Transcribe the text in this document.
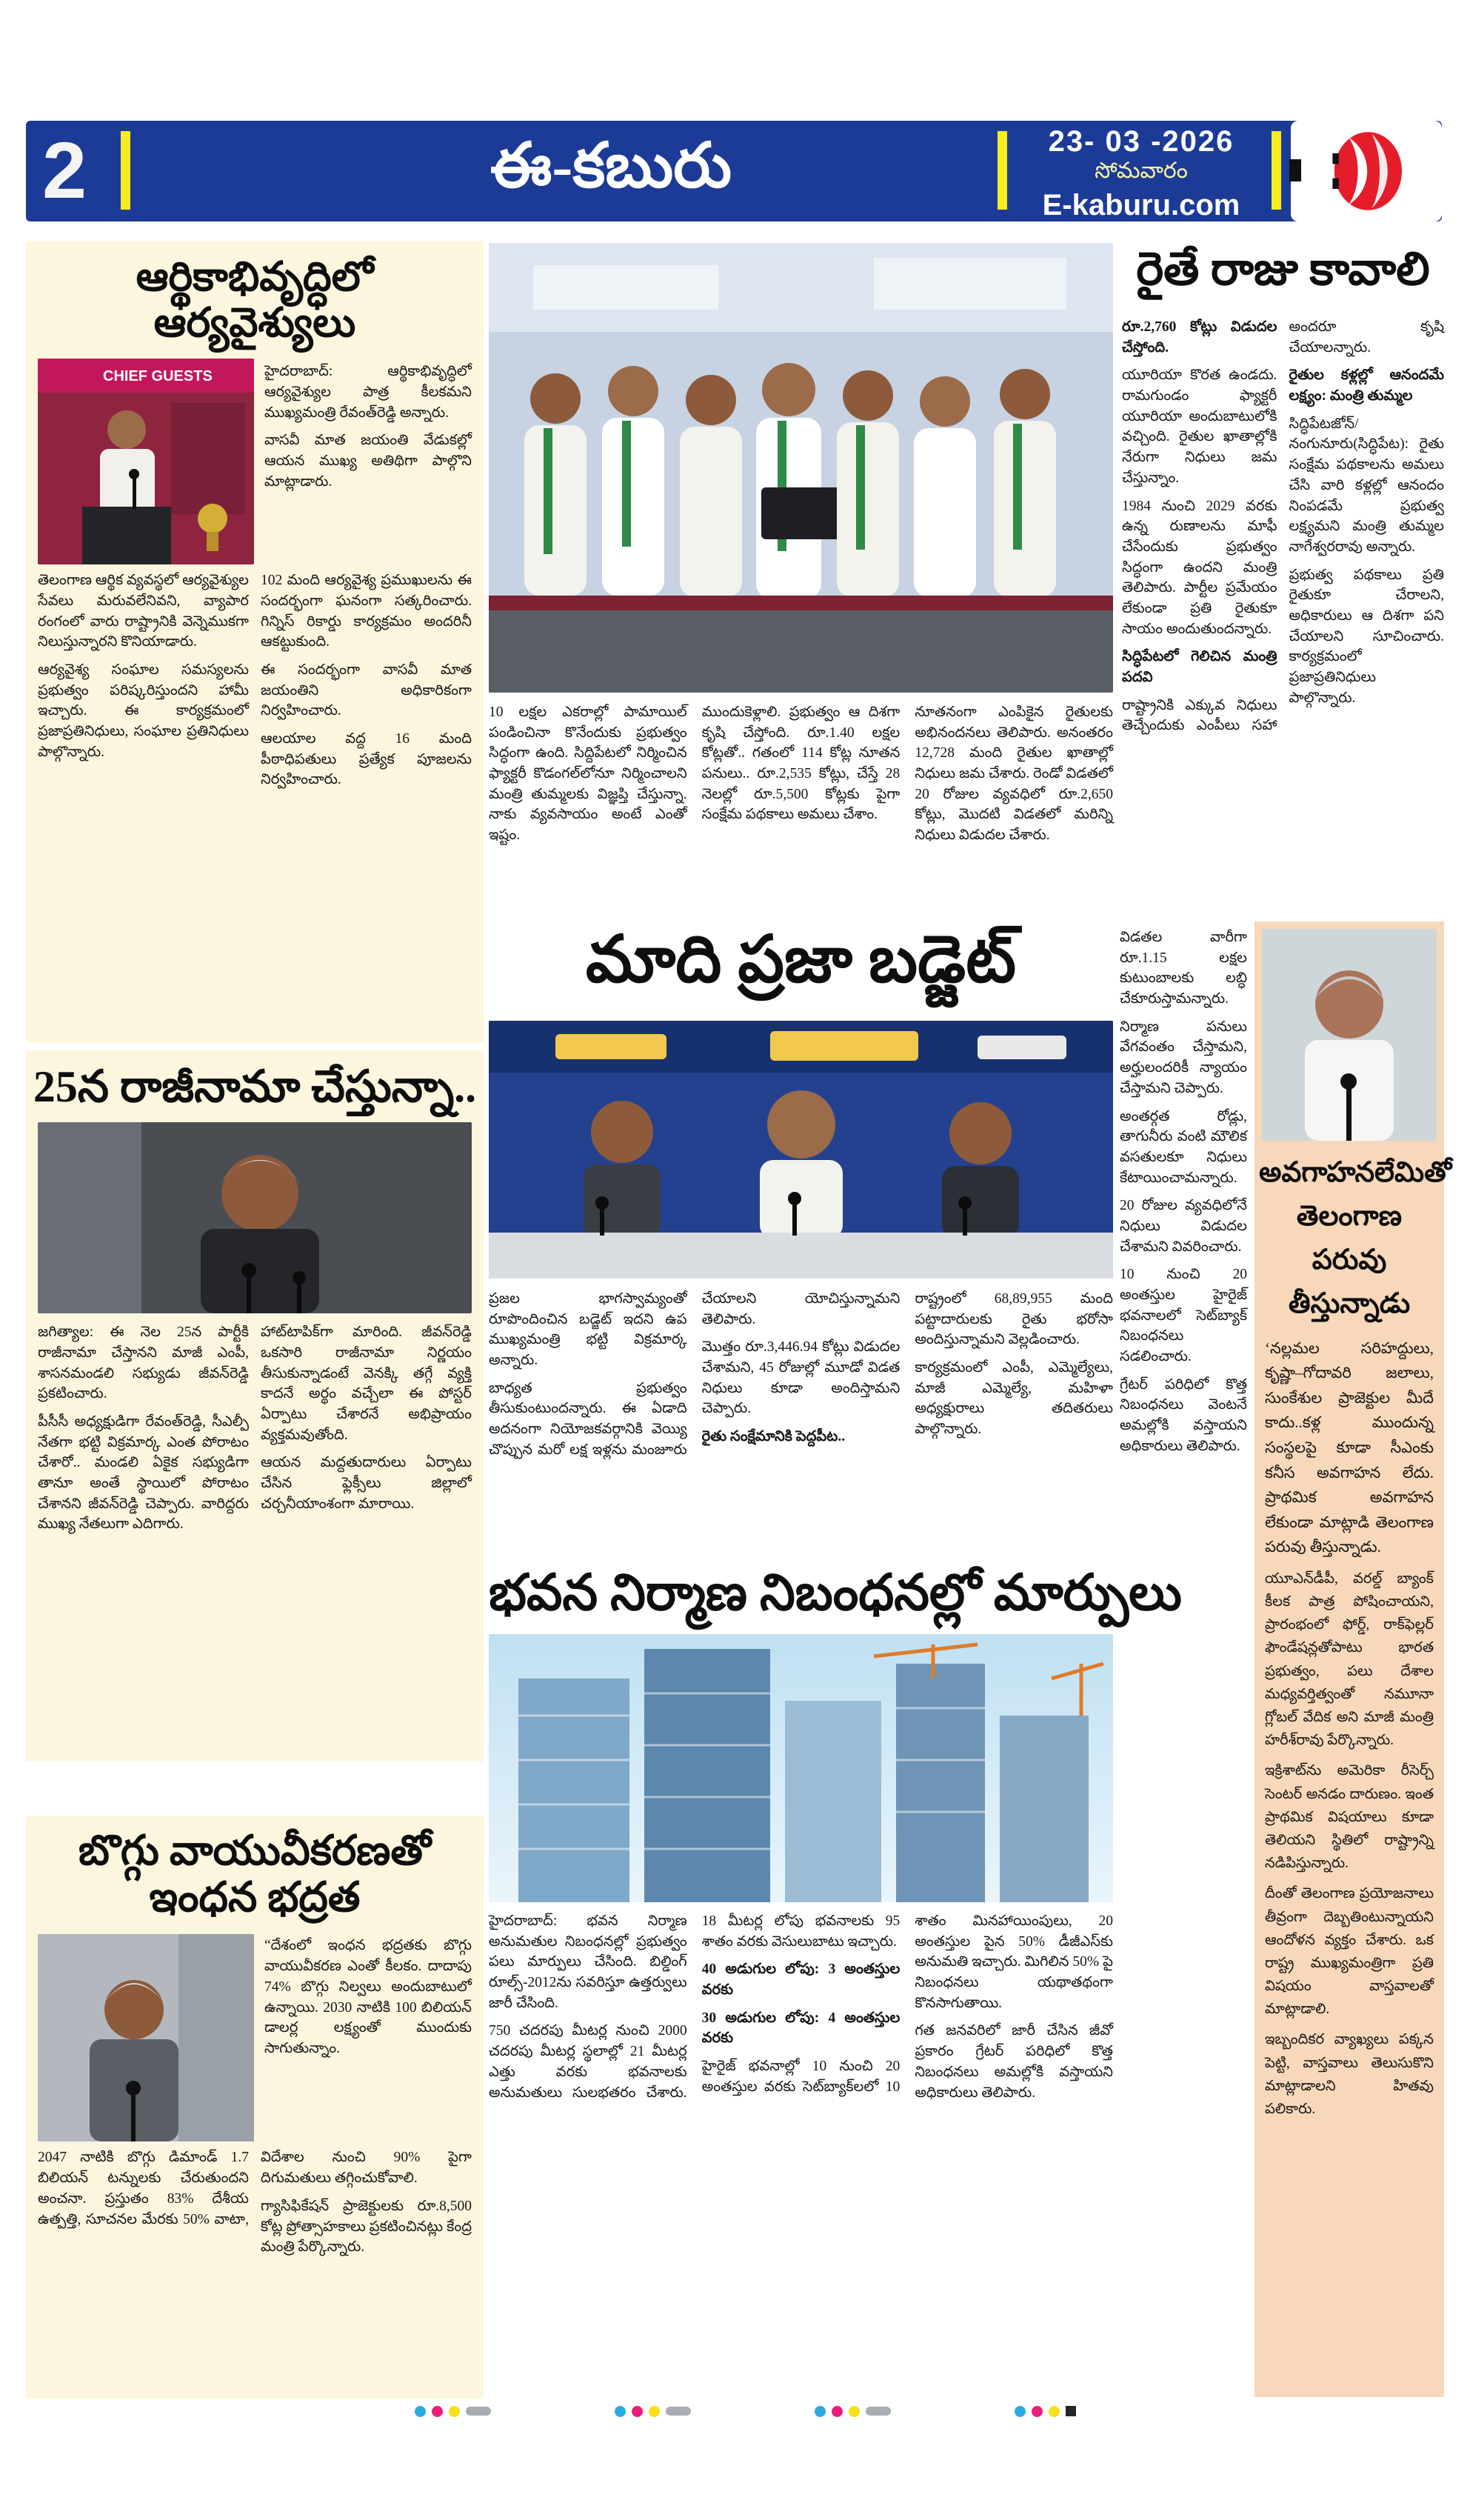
2	ఈ-కబురు	23- 03 -2026
సోమవారం
E-kaburu.com
ఆర్థికాభివృద్ధిలో ఆర్యవైశ్యులు
CHIEF GUESTS	హైదరాబాద్: ఆర్థికాభివృద్ధిలో ఆర్యవైశ్యుల పాత్ర కీలకమని ముఖ్యమంత్రి రేవంత్‌రెడ్డి అన్నారు.

వాసవీ మాత జయంతి వేడుకల్లో ఆయన ముఖ్య అతిథిగా పాల్గొని మాట్లాడారు.

తెలంగాణ ఆర్థిక వ్యవస్థలో ఆర్యవైశ్యుల సేవలు మరువలేనివని, వ్యాపార రంగంలో వారు రాష్ట్రానికి వెన్నెముకగా నిలుస్తున్నారని కొనియాడారు.

ఆర్యవైశ్య సంఘాల సమస్యలను ప్రభుత్వం పరిష్కరిస్తుందని హామీ ఇచ్చారు. ఈ కార్యక్రమంలో ప్రజాప్రతినిధులు, సంఘాల ప్రతినిధులు పాల్గొన్నారు.

102 మంది ఆర్యవైశ్య ప్రముఖులను ఈ సందర్భంగా ఘనంగా సత్కరించారు. గిన్నిస్ రికార్డు కార్యక్రమం అందరినీ ఆకట్టుకుంది.

ఈ సందర్భంగా వాసవీ మాత జయంతిని అధికారికంగా నిర్వహించారు.

ఆలయాల వద్ద 16 మంది పీఠాధిపతులు ప్రత్యేక పూజలను నిర్వహించారు.

25న రాజీనామా చేస్తున్నా..

జగిత్యాల: ఈ నెల 25న పార్టీకి రాజీనామా చేస్తానని మాజీ ఎంపీ, శాసనమండలి సభ్యుడు జీవన్‌రెడ్డి ప్రకటించారు.

పీసీసీ అధ్యక్షుడిగా రేవంత్‌రెడ్డి, సీఎల్పీ నేతగా భట్టి విక్రమార్క ఎంత పోరాటం చేశారో.. మండలి ఏకైక సభ్యుడిగా తానూ అంతే స్థాయిలో పోరాటం చేశానని జీవన్‌రెడ్డి చెప్పారు. వారిద్దరు ముఖ్య నేతలుగా ఎదిగారు.

హాట్‌టాపిక్‌గా మారింది. జీవన్‌రెడ్డి ఒకసారి రాజీనామా నిర్ణయం తీసుకున్నాడంటే వెనక్కి తగ్గే వ్యక్తి కాదనే అర్థం వచ్చేలా ఈ పోస్టర్ ఏర్పాటు చేశారనే అభిప్రాయం వ్యక్తమవుతోంది.

ఆయన మద్దతుదారులు ఏర్పాటు చేసిన ఫ్లెక్సీలు జిల్లాలో చర్చనీయాంశంగా మారాయి.

బొగ్గు వాయువీకరణతో ఇంధన భద్రత

“దేశంలో ఇంధన భద్రతకు బొగ్గు వాయువీకరణ ఎంతో కీలకం. దాదాపు 74% బొగ్గు నిల్వలు అందుబాటులో ఉన్నాయి. 2030 నాటికి 100 బిలియన్ డాలర్ల లక్ష్యంతో ముందుకు సాగుతున్నాం.

2047 నాటికి బొగ్గు డిమాండ్ 1.7 బిలియన్ టన్నులకు చేరుతుందని అంచనా. ప్రస్తుతం 83% దేశీయ ఉత్పత్తి, సూచనల మేరకు 50% వాటా, విదేశాల నుంచి 90% పైగా దిగుమతులు తగ్గించుకోవాలి.

గ్యాసిఫికేషన్ ప్రాజెక్టులకు రూ.8,500 కోట్ల ప్రోత్సాహకాలు ప్రకటించినట్లు కేంద్ర మంత్రి పేర్కొన్నారు.

10 లక్షల ఎకరాల్లో పామాయిల్ పండించినా కొనేందుకు ప్రభుత్వం సిద్ధంగా ఉంది. సిద్దిపేటలో నిర్మించిన ఫ్యాక్టరీ కొడంగల్‌లోనూ నిర్మించాలని మంత్రి తుమ్మలకు విజ్ఞప్తి చేస్తున్నా. నాకు వ్యవసాయం అంటే ఎంతో ఇష్టం.

ముందుకెళ్లాలి. ప్రభుత్వం ఆ దిశగా కృషి చేస్తోంది. రూ.1.40 లక్షల కోట్లతో.. గతంలో 114 కోట్ల నూతన పనులు.. రూ.2,535 కోట్లు, చేస్తే 28 నెలల్లో రూ.5,500 కోట్లకు పైగా సంక్షేమ పథకాలు అమలు చేశాం.

నూతనంగా ఎంపికైన రైతులకు అభినందనలు తెలిపారు. అనంతరం 12,728 మంది రైతుల ఖాతాల్లో నిధులు జమ చేశారు. రెండో విడతలో 20 రోజుల వ్యవధిలో రూ.2,650 కోట్లు, మొదటి విడతలో మరిన్ని నిధులు విడుదల చేశారు.

మాది ప్రజా బడ్జెట్

ప్రజల భాగస్వామ్యంతో రూపొందించిన బడ్జెట్ ఇదని ఉప ముఖ్యమంత్రి భట్టి విక్రమార్క అన్నారు.

బాధ్యత ప్రభుత్వం తీసుకుంటుందన్నారు. ఈ ఏడాది అదనంగా నియోజకవర్గానికి వెయ్యి చొప్పున మరో లక్ష ఇళ్లను మంజూరు చేయాలని యోచిస్తున్నామని తెలిపారు.

మొత్తం రూ.3,446.94 కోట్లు విడుదల చేశామని, 45 రోజుల్లో మూడో విడత నిధులు కూడా అందిస్తామని చెప్పారు.

రైతు సంక్షేమానికి పెద్దపీట..

రాష్ట్రంలో 68,89,955 మంది పట్టాదారులకు రైతు భరోసా అందిస్తున్నామని వెల్లడించారు.

కార్యక్రమంలో ఎంపీ, ఎమ్మెల్యేలు, మాజీ ఎమ్మెల్యే, మహిళా అధ్యక్షురాలు తదితరులు పాల్గొన్నారు.

భవన నిర్మాణ నిబంధనల్లో మార్పులు

హైదరాబాద్: భవన నిర్మాణ అనుమతుల నిబంధనల్లో ప్రభుత్వం పలు మార్పులు చేసింది. బిల్డింగ్ రూల్స్-2012ను సవరిస్తూ ఉత్తర్వులు జారీ చేసింది.

750 చదరపు మీటర్ల నుంచి 2000 చదరపు మీటర్ల స్థలాల్లో 21 మీటర్ల ఎత్తు వరకు భవనాలకు అనుమతులు సులభతరం చేశారు. 18 మీటర్ల లోపు భవనాలకు 95 శాతం వరకు వెసులుబాటు ఇచ్చారు.

40 అడుగుల లోపు: 3 అంతస్తుల వరకు

30 అడుగుల లోపు: 4 అంతస్తుల వరకు

హైరైజ్ భవనాల్లో 10 నుంచి 20 అంతస్తుల వరకు సెట్‌బ్యాక్‌లలో 10 శాతం మినహాయింపులు, 20 అంతస్తుల పైన 50% డీజీఎస్‌కు అనుమతి ఇచ్చారు. మిగిలిన 50% పై నిబంధనలు యథాతథంగా కొనసాగుతాయి.

గత జనవరిలో జారీ చేసిన జీవో ప్రకారం గ్రేటర్ పరిధిలో కొత్త నిబంధనలు అమల్లోకి వస్తాయని అధికారులు తెలిపారు.

రైతే రాజు కావాలి

రూ.2,760 కోట్లు విడుదల చేస్తోంది.

యూరియా కొరత ఉండదు. రామగుండం ఫ్యాక్టరీ యూరియా అందుబాటులోకి వచ్చింది. రైతుల ఖాతాల్లోకి నేరుగా నిధులు జమ చేస్తున్నాం.

1984 నుంచి 2029 వరకు ఉన్న రుణాలను మాఫీ చేసేందుకు ప్రభుత్వం సిద్ధంగా ఉందని మంత్రి తెలిపారు. పార్టీల ప్రమేయం లేకుండా ప్రతి రైతుకూ సాయం అందుతుందన్నారు.

సిద్ధిపేటలో గెలిచిన మంత్రి పదవి

రాష్ట్రానికి ఎక్కువ నిధులు తెచ్చేందుకు ఎంపీలు సహా అందరూ కృషి చేయాలన్నారు.

రైతుల కళ్లల్లో ఆనందమే లక్ష్యం: మంత్రి తుమ్మల

సిద్ధిపేటజోన్/నంగునూరు(సిద్ధిపేట): రైతు సంక్షేమ పథకాలను అమలు చేసి వారి కళ్లల్లో ఆనందం నింపడమే ప్రభుత్వ లక్ష్యమని మంత్రి తుమ్మల నాగేశ్వరరావు అన్నారు.

ప్రభుత్వ పథకాలు ప్రతి రైతుకూ చేరాలని, అధికారులు ఆ దిశగా పని చేయాలని సూచించారు. కార్యక్రమంలో ప్రజాప్రతినిధులు పాల్గొన్నారు.

విడతల వారీగా రూ.1.15 లక్షల కుటుంబాలకు లబ్ధి చేకూరుస్తామన్నారు.

నిర్మాణ పనులు వేగవంతం చేస్తామని, అర్హులందరికీ న్యాయం చేస్తామని చెప్పారు.

అంతర్గత రోడ్లు, తాగునీరు వంటి మౌలిక వసతులకూ నిధులు కేటాయించామన్నారు.

20 రోజుల వ్యవధిలోనే నిధులు విడుదల చేశామని వివరించారు.

10 నుంచి 20 అంతస్తుల హైరైజ్ భవనాలలో సెట్‌బ్యాక్ నిబంధనలు సడలించారు.

గ్రేటర్ పరిధిలో కొత్త నిబంధనలు వెంటనే అమల్లోకి వస్తాయని అధికారులు తెలిపారు.

అవగాహనలేమితో
తెలంగాణ
పరువు తీస్తున్నాడు

‘నల్లమల సరిహద్దులు, కృష్ణా–గోదావరి జలాలు, సుంకేశుల ప్రాజెక్టుల మీదే కాదు..కళ్ల ముందున్న సంస్థలపై కూడా సీఎంకు కనీస అవగాహన లేదు. ప్రాథమిక అవగాహన లేకుండా మాట్లాడి తెలంగాణ పరువు తీస్తున్నాడు.

యూఎన్‌డీపీ, వరల్డ్ బ్యాంక్ కీలక పాత్ర పోషించాయని, ప్రారంభంలో ఫోర్డ్, రాక్‌ఫెల్లర్ ఫౌండేషన్లతోపాటు భారత ప్రభుత్వం, పలు దేశాల మధ్యవర్తిత్వంతో నమూనా గ్లోబల్ వేదిక అని మాజీ మంత్రి హరీశ్‌రావు పేర్కొన్నారు.

ఇక్రిశాట్‌ను అమెరికా రీసెర్చ్ సెంటర్ అనడం దారుణం. ఇంత ప్రాథమిక విషయాలు కూడా తెలియని స్థితిలో రాష్ట్రాన్ని నడిపిస్తున్నారు.

దీంతో తెలంగాణ ప్రయోజనాలు తీవ్రంగా దెబ్బతింటున్నాయని ఆందోళన వ్యక్తం చేశారు. ఒక రాష్ట్ర ముఖ్యమంత్రిగా ప్రతి విషయం వాస్తవాలతో మాట్లాడాలి.

ఇబ్బందికర వ్యాఖ్యలు పక్కన పెట్టి, వాస్తవాలు తెలుసుకొని మాట్లాడాలని హితవు పలికారు.
